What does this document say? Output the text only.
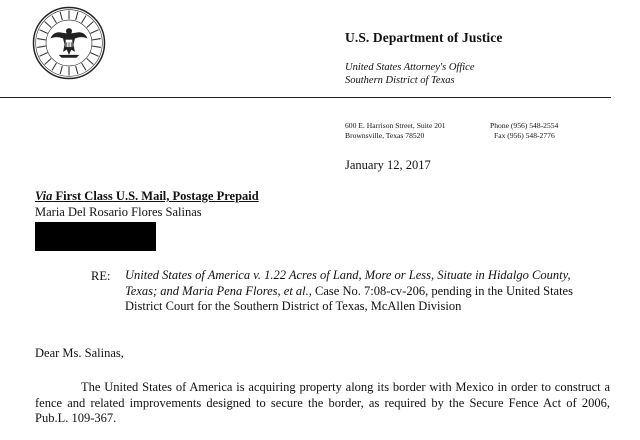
U.S. Department of Justice
United States Attorney's Office
Southern District of Texas
600 E. Harrison Street, Suite 201
Brownsville, Texas 78520
Phone (956) 548-2554
Fax (956) 548-2776
January 12, 2017
Via First Class U.S. Mail, Postage Prepaid
Maria Del Rosario Flores Salinas
RE: United States of America v. 1.22 Acres of Land, More or Less, Situate in Hidalgo County, Texas; and Maria Pena Flores, et al., Case No. 7:08-cv-206, pending in the United States District Court for the Southern District of Texas, McAllen Division
Dear Ms. Salinas,
The United States of America is acquiring property along its border with Mexico in order to construct a fence and related improvements designed to secure the border, as required by the Secure Fence Act of 2006, Pub.L. 109-367.
